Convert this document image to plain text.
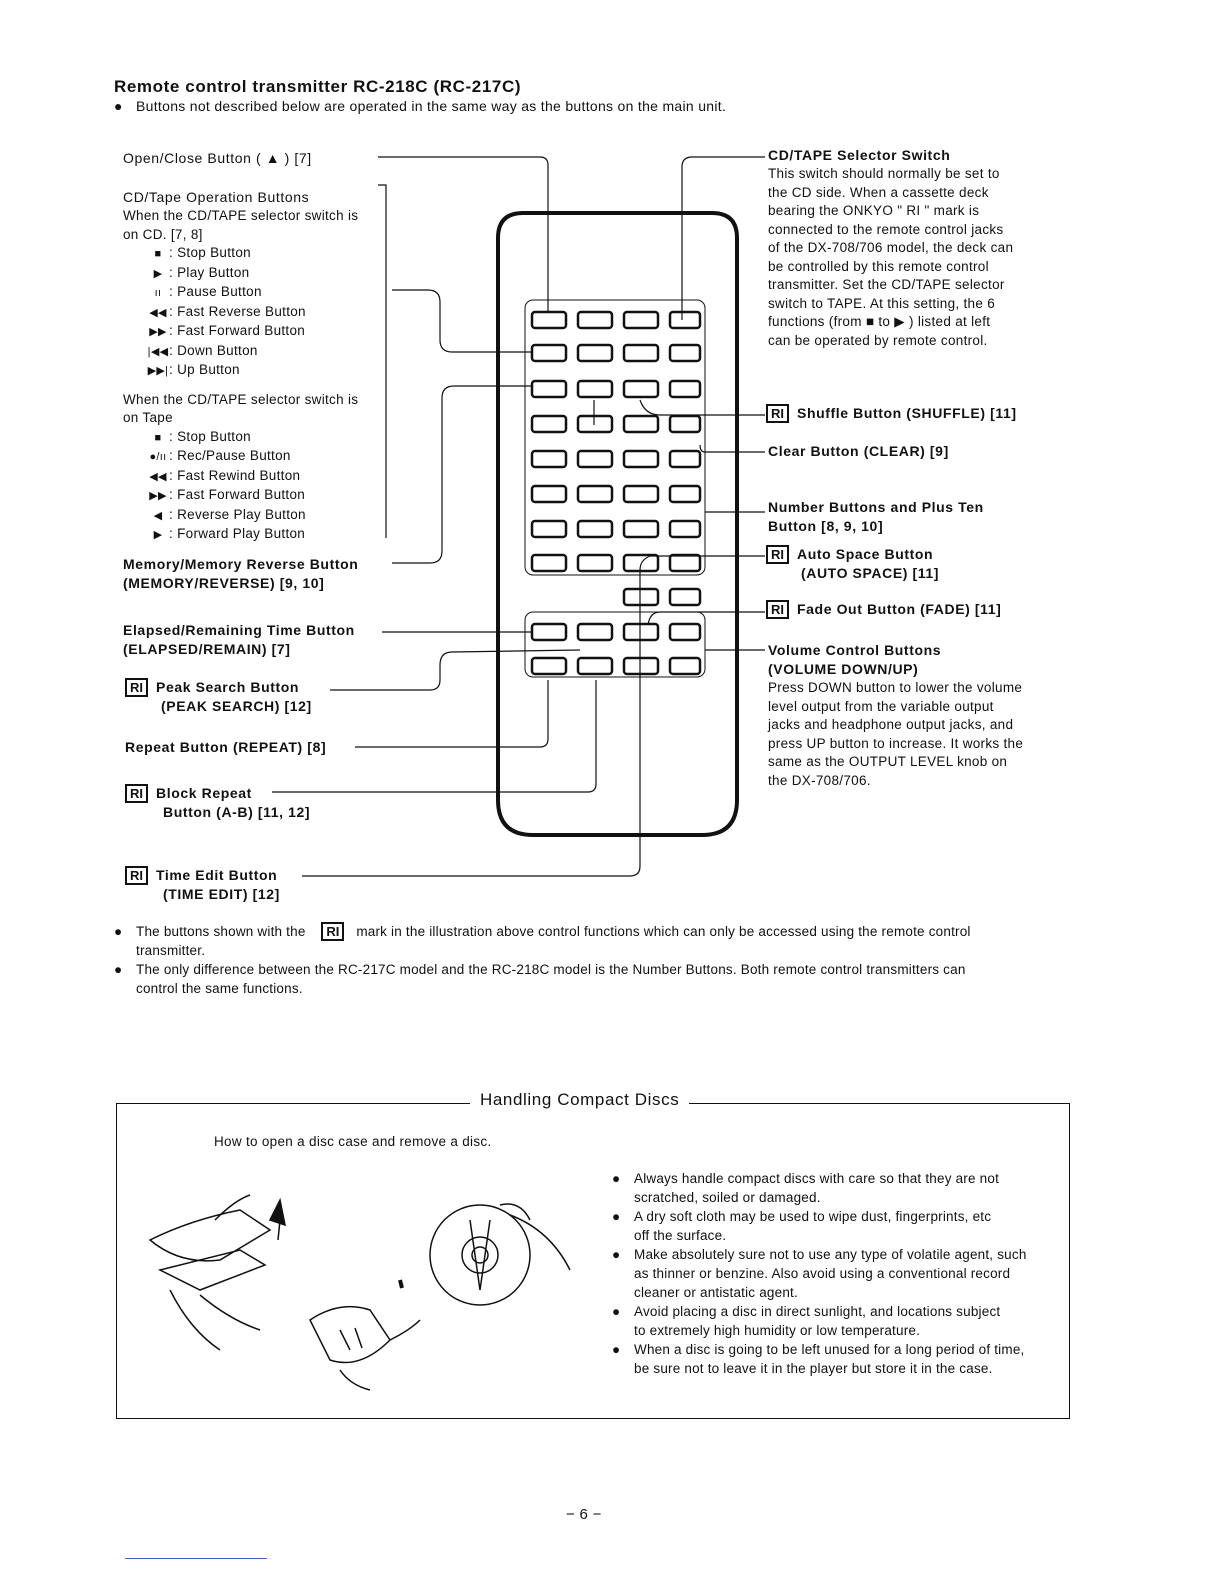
Remote control transmitter RC-218C (RC-217C)
● Buttons not described below are operated in the same way as the buttons on the main unit.
Open/Close Button ( ▲ ) [7]
CD/Tape Operation Buttons
When the CD/TAPE selector switch is
on CD. [7, 8]
■ : Stop Button
▶ : Play Button
ıı : Pause Button
◀◀ : Fast Reverse Button
▶▶ : Fast Forward Button
|◀◀: Down Button
▶▶|: Up Button
When the CD/TAPE selector switch is
on Tape
■ : Stop Button
●/ıı : Rec/Pause Button
◀◀ : Fast Rewind Button
▶▶ : Fast Forward Button
◀ : Reverse Play Button
▶ : Forward Play Button
Memory/Memory Reverse Button
(MEMORY/REVERSE) [9, 10]
Elapsed/Remaining Time Button
(ELAPSED/REMAIN) [7]
RI Peak Search Button
(PEAK SEARCH) [12]
Repeat Button (REPEAT) [8]
RI Block Repeat
Button (A-B) [11, 12]
RI Time Edit Button
(TIME EDIT) [12]
CD/TAPE Selector Switch
This switch should normally be set to
the CD side. When a cassette deck
bearing the ONKYO " RI " mark is
connected to the remote control jacks
of the DX-708/706 model, the deck can
be controlled by this remote control
transmitter. Set the CD/TAPE selector
switch to TAPE. At this setting, the 6
functions (from ■ to ▶ ) listed at left
can be operated by remote control.
RI Shuffle Button (SHUFFLE) [11]
Clear Button (CLEAR) [9]
Number Buttons and Plus Ten
Button [8, 9, 10]
RI Auto Space Button
(AUTO SPACE) [11]
RI Fade Out Button (FADE) [11]
Volume Control Buttons
(VOLUME DOWN/UP)
Press DOWN button to lower the volume
level output from the variable output
jacks and headphone output jacks, and
press UP button to increase. It works the
same as the OUTPUT LEVEL knob on
the DX-708/706.
●	The buttons shown with the RI mark in the illustration above control functions which can only be accessed using the remote control
transmitter.
●	The only difference between the RC-217C model and the RC-218C model is the Number Buttons. Both remote control transmitters can
control the same functions.
Handling Compact Discs
How to open a disc case and remove a disc.
●	Always handle compact discs with care so that they are not
scratched, soiled or damaged.
●	A dry soft cloth may be used to wipe dust, fingerprints, etc
off the surface.
●	Make absolutely sure not to use any type of volatile agent, such
as thinner or benzine. Also avoid using a conventional record
cleaner or antistatic agent.
●	Avoid placing a disc in direct sunlight, and locations subject
to extremely high humidity or low temperature.
●	When a disc is going to be left unused for a long period of time,
be sure not to leave it in the player but store it in the case.
− 6 −
